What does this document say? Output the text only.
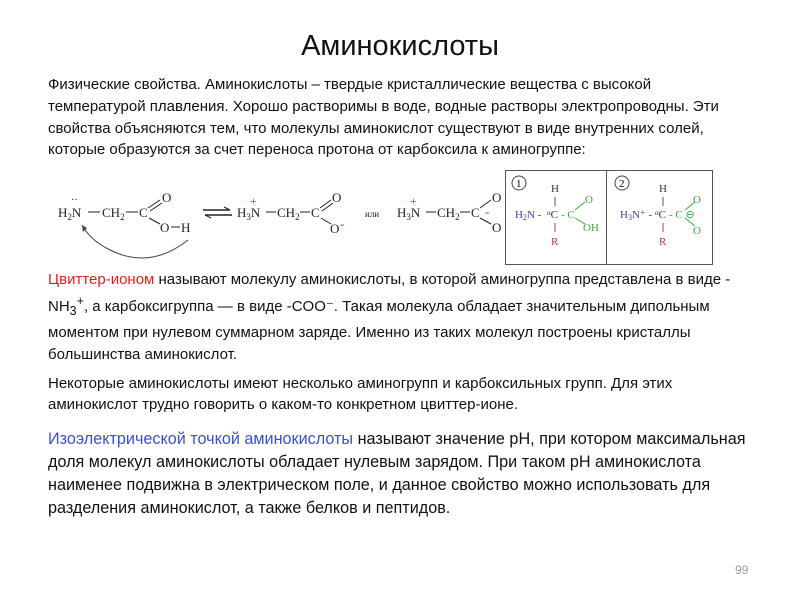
Аминокислоты
Физические свойства. Аминокислоты – твердые кристаллические вещества с высокой температурой плавления. Хорошо растворимы в воде, водные растворы электропроводны. Эти свойства объясняются тем, что молекулы аминокислот существуют в виде внутренних солей, которые образуются за счет переноса протона от карбоксила к аминогруппе:
$H_2N$
··
$CH_2$ C
O
O H
$H_3N$
+
$CH_2$ C
O
O -
или $H_3N$
+
$CH_2$ C
O
O
-
1	H
H2N - $^\alpha$C - C
O
OH
R
2	H
H3N⁺ - $^\alpha$C - C ⊖
O
O
R
Цвиттер-ионом называют молекулу аминокислоты, в которой аминогруппа представлена в виде $-NH_3^+$, а карбоксигруппа — в виде -COO⁻. Такая молекула обладает значительным дипольным моментом при нулевом суммарном заряде. Именно из таких молекул построены кристаллы большинства аминокислот.
Некоторые аминокислоты имеют несколько аминогрупп и карбоксильных групп. Для этих аминокислот трудно говорить о каком-то конкретном цвиттер-ионе.
Изоэлектрической точкой аминокислоты называют значение рН, при котором максимальная доля молекул аминокислоты обладает нулевым зарядом. При таком рН аминокислота наименее подвижна в электрическом поле, и данное свойство можно использовать для разделения аминокислот, а также белков и пептидов.
99
